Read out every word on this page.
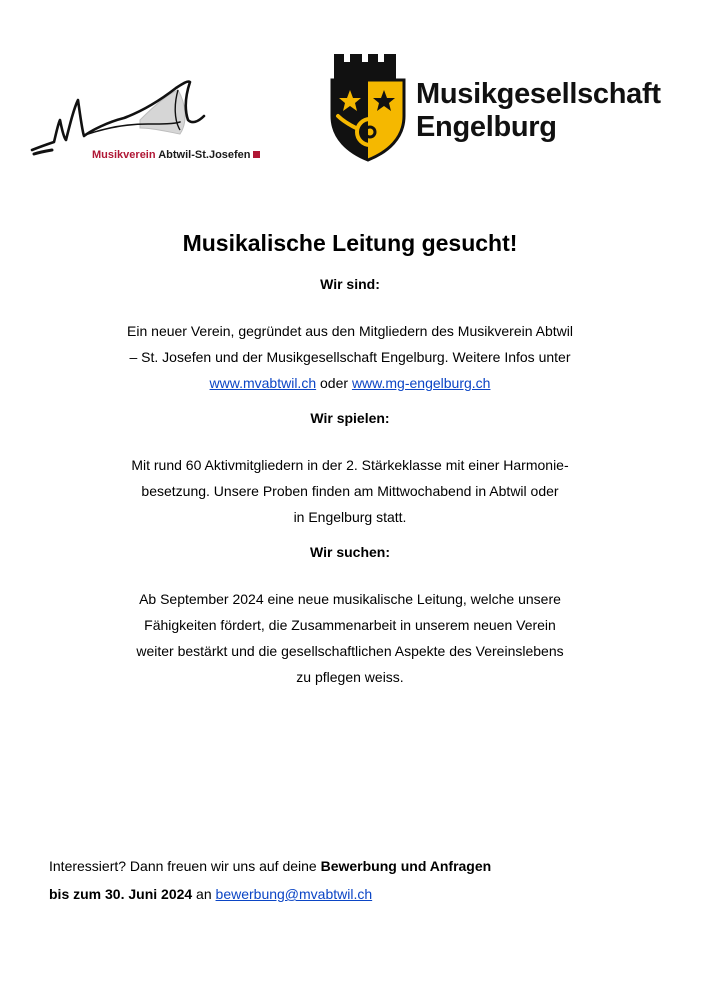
Musikverein Abtwil-St.Josefen
Musikgesellschaft
Engelburg
Musikalische Leitung gesucht!

Wir sind:

Ein neuer Verein, gegründet aus den Mitgliedern des Musikverein Abtwil
– St. Josefen und der Musikgesellschaft Engelburg. Weitere Infos unter
www.mvabtwil.ch oder www.mg-engelburg.ch

Wir spielen:

Mit rund 60 Aktivmitgliedern in der 2. Stärkeklasse mit einer Harmonie-
besetzung. Unsere Proben finden am Mittwochabend in Abtwil oder
in Engelburg statt.

Wir suchen:

Ab September 2024 eine neue musikalische Leitung, welche unsere
Fähigkeiten fördert, die Zusammenarbeit in unserem neuen Verein
weiter bestärkt und die gesellschaftlichen Aspekte des Vereinslebens
zu pflegen weiss.

Interessiert? Dann freuen wir uns auf deine Bewerbung und Anfragen
bis zum 30. Juni 2024 an bewerbung@mvabtwil.ch
